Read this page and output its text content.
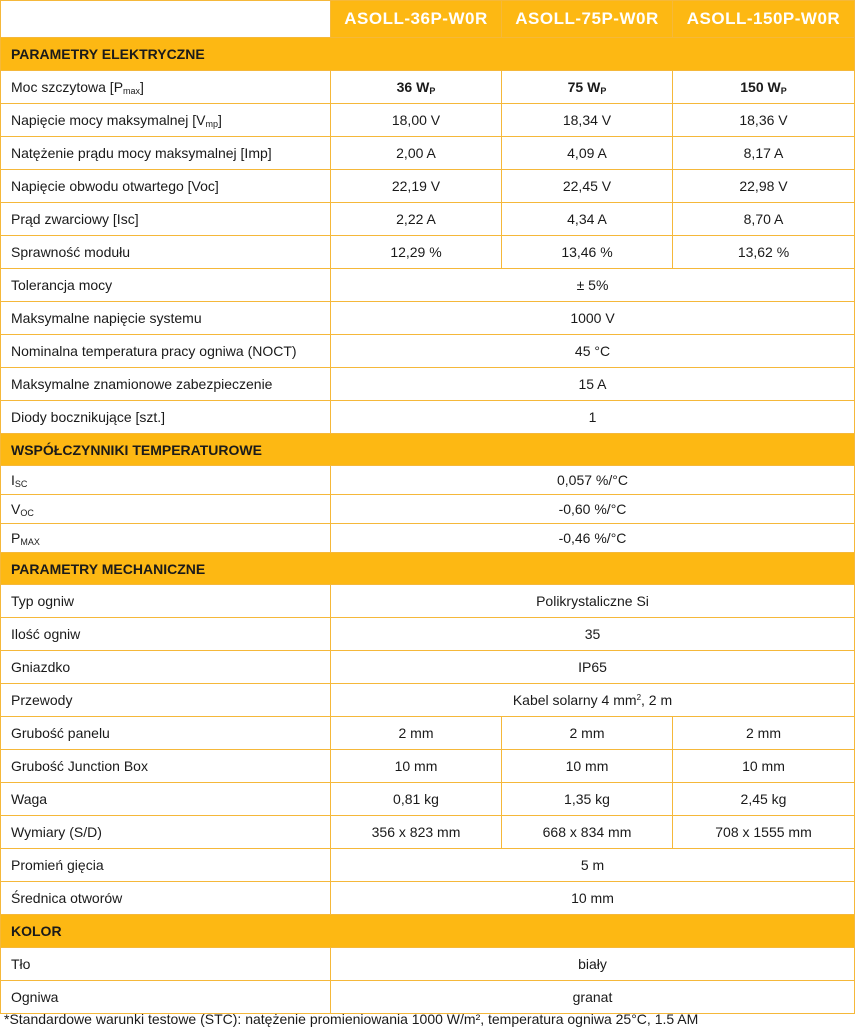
	ASOLL-36P-W0R	ASOLL-75P-W0R	ASOLL-150P-W0R
PARAMETRY ELEKTRYCZNE			
Moc szczytowa $[P_{max}]$	36 $W_P$	75 $W_P$	150 $W_P$
Napięcie mocy maksymalnej $[V_{mp}]$	18,00 V	18,34 V	18,36 V
Natężenie prądu mocy maksymalnej [Imp]	2,00 A	4,09 A	8,17 A
Napięcie obwodu otwartego [Voc]	22,19 V	22,45 V	22,98 V
Prąd zwarciowy [Isc]	2,22 A	4,34 A	8,70 A
Sprawność modułu	12,29 %	13,46 %	13,62 %
Tolerancja mocy	± 5%		
Maksymalne napięcie systemu	1000 V		
Nominalna temperatura pracy ogniwa (NOCT)	45 °C		
Maksymalne znamionowe zabezpieczenie	15 A		
Diody bocznikujące [szt.]	1		
WSPÓŁCZYNNIKI TEMPERATUROWE			
$I_{SC}$	0,057 %/°C		
$V_{OC}$	-0,60 %/°C		
$P_{MAX}$	-0,46 %/°C		
PARAMETRY MECHANICZNE			
Typ ogniw	Polikrystaliczne Si		
Ilość ogniw	35		
Gniazdko	IP65		
Przewody	Kabel solarny 4 $mm^2$, 2 m		
Grubość panelu	2 mm	2 mm	2 mm
Grubość Junction Box	10 mm	10 mm	10 mm
Waga	0,81 kg	1,35 kg	2,45 kg
Wymiary (S/D)	356 x 823 mm	668 x 834 mm	708 x 1555 mm
Promień gięcia	5 m		
Średnica otworów	10 mm		
KOLOR			
Tło	biały		
Ogniwa	granat		
*Standardowe warunki testowe (STC): natężenie promieniowania 1000 W/m², temperatura ogniwa 25°C, 1.5 AM
